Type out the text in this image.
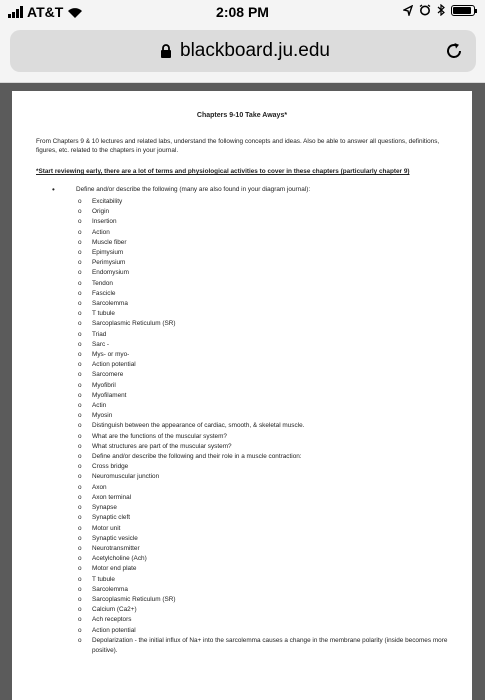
AT&T	2:08 PM
blackboard.ju.edu
Chapters 9-10 Take Aways*
From Chapters 9 & 10 lectures and related labs, understand the following concepts and ideas. Also be able to answer all questions, definitions, figures, etc. related to the chapters in your journal.
*Start reviewing early, there are a lot of terms and physiological activities to cover in these chapters (particularly chapter 9)
•	Define and/or describe the following (many are also found in your diagram journal):
o Excitability
o Origin
o Insertion
o Action
o Muscle fiber
o Epimysium
o Perimysium
o Endomysium
o Tendon
o Fascicle
o Sarcolemma
o T tubule
o Sarcoplasmic Reticulum (SR)
o Triad
o Sarc -
o Mys- or myo-
o Action potential
o Sarcomere
o Myofibril
o Myofilament
o Actin
o Myosin
o Distinguish between the appearance of cardiac, smooth, & skeletal muscle.
o What are the functions of the muscular system?
o What structures are part of the muscular system?
o Define and/or describe the following and their role in a muscle contraction:
o Cross bridge
o Neuromuscular junction
o Axon
o Axon terminal
o Synapse
o Synaptic cleft
o Motor unit
o Synaptic vesicle
o Neurotransmitter
o Acetylcholine (Ach)
o Motor end plate
o T tubule
o Sarcolemma
o Sarcoplasmic Reticulum (SR)
o Calcium (Ca2+)
o Ach receptors
o Action potential
o Depolarization - the initial influx of Na+ into the sarcolemma causes a change in the membrane polarity (inside becomes more positive).
